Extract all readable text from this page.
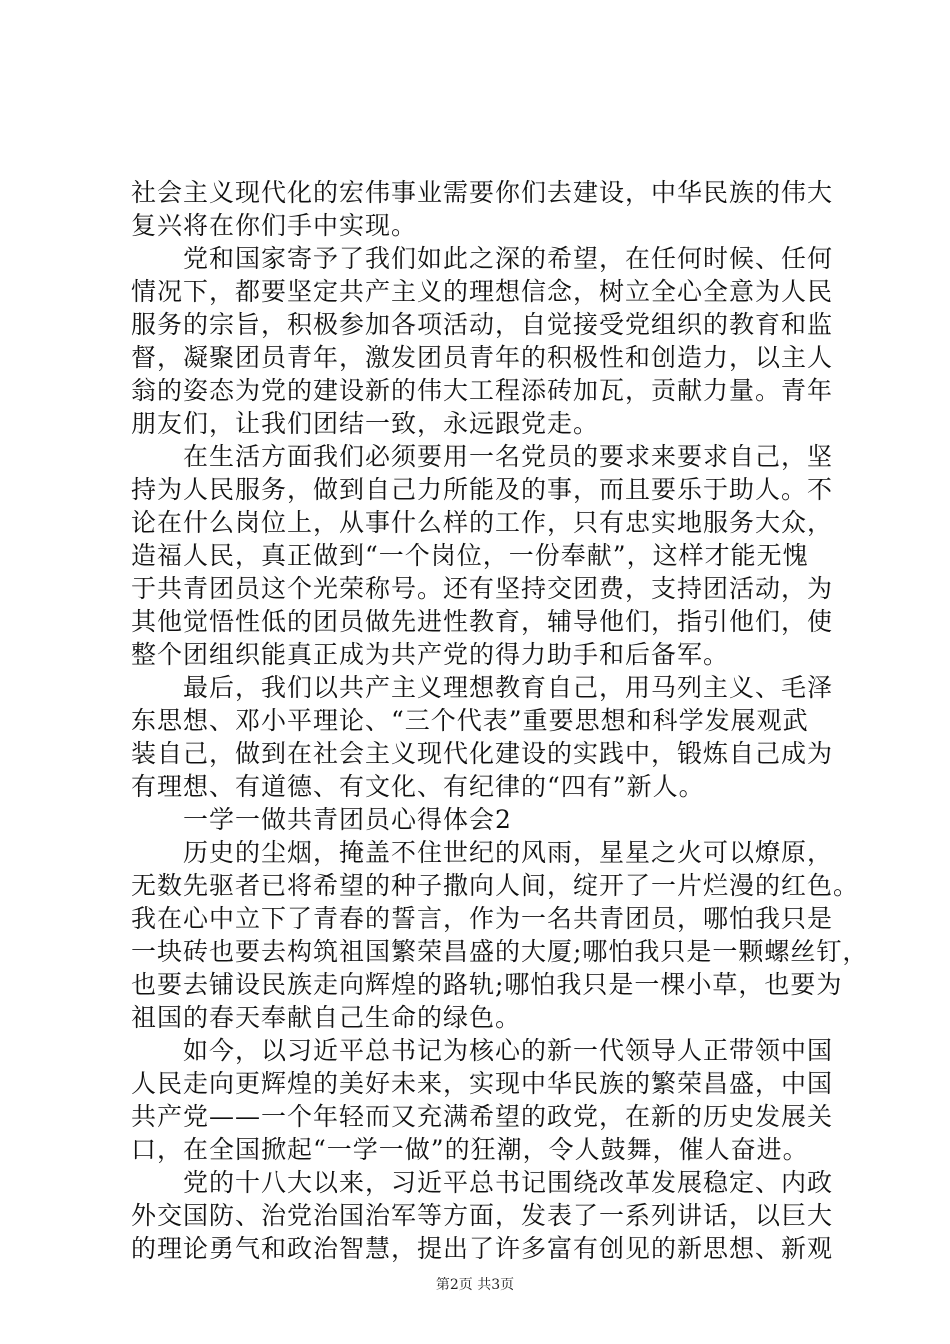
社会主义现代化的宏伟事业需要你们去建设，中华民族的伟大
复兴将在你们手中实现。
党和国家寄予了我们如此之深的希望，在任何时候、任何
情况下，都要坚定共产主义的理想信念，树立全心全意为人民
服务的宗旨，积极参加各项活动，自觉接受党组织的教育和监
督，凝聚团员青年，激发团员青年的积极性和创造力，以主人
翁的姿态为党的建设新的伟大工程添砖加瓦，贡献力量。青年
朋友们，让我们团结一致，永远跟党走。
在生活方面我们必须要用一名党员的要求来要求自己，坚
持为人民服务，做到自己力所能及的事，而且要乐于助人。不
论在什么岗位上，从事什么样的工作，只有忠实地服务大众，
造福人民，真正做到“一个岗位，一份奉献”，这样才能无愧
于共青团员这个光荣称号。还有坚持交团费，支持团活动，为
其他觉悟性低的团员做先进性教育，辅导他们，指引他们，使
整个团组织能真正成为共产党的得力助手和后备军。
最后，我们以共产主义理想教育自己，用马列主义、毛泽
东思想、邓小平理论、“三个代表”重要思想和科学发展观武
装自己，做到在社会主义现代化建设的实践中，锻炼自己成为
有理想、有道德、有文化、有纪律的“四有”新人。
一学一做共青团员心得体会2
历史的尘烟，掩盖不住世纪的风雨，星星之火可以燎原，
无数先驱者已将希望的种子撒向人间，绽开了一片烂漫的红色。
我在心中立下了青春的誓言，作为一名共青团员，哪怕我只是
一块砖也要去构筑祖国繁荣昌盛的大厦;哪怕我只是一颗螺丝钉，
也要去铺设民族走向辉煌的路轨;哪怕我只是一棵小草，也要为
祖国的春天奉献自己生命的绿色。
如今，以习近平总书记为核心的新一代领导人正带领中国
人民走向更辉煌的美好未来，实现中华民族的繁荣昌盛，中国
共产党——一个年轻而又充满希望的政党，在新的历史发展关
口，在全国掀起“一学一做”的狂潮，令人鼓舞，催人奋进。
党的十八大以来，习近平总书记围绕改革发展稳定、内政
外交国防、治党治国治军等方面，发表了一系列讲话，以巨大
的理论勇气和政治智慧，提出了许多富有创见的新思想、新观
第2页 共3页
